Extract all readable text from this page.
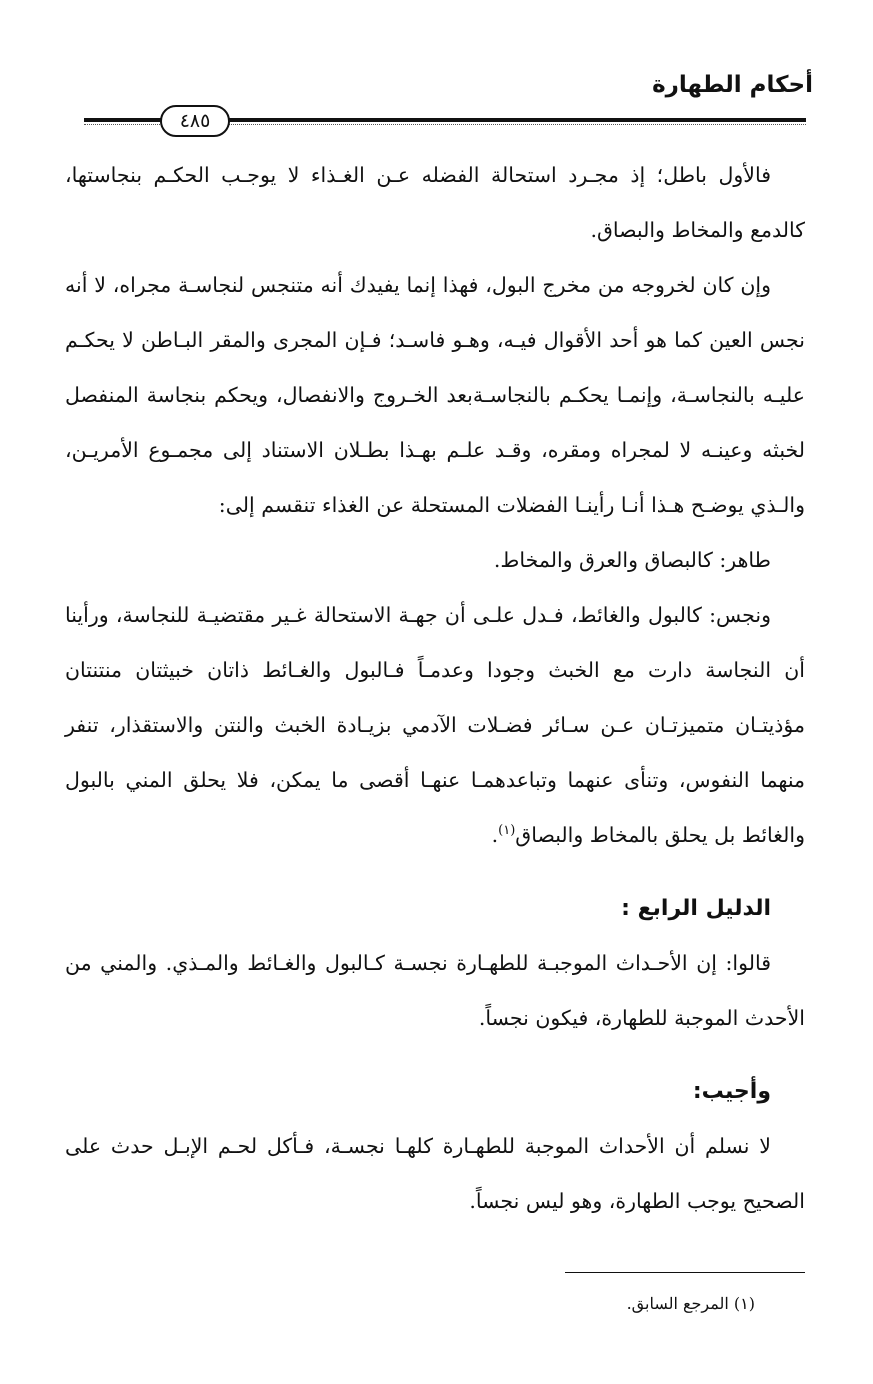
أحكام الطهارة
٤٨٥

فالأول باطل؛ إذ مجـرد استحالة الفضله عـن الغـذاء لا يوجـب الحكـم بنجاستها، كالدمع والمخاط والبصاق.

وإن كان لخروجه من مخرج البول، فهذا إنما يفيدك أنه متنجس لنجاسـة مجراه، لا أنه نجس العين كما هو أحد الأقوال فيـه، وهـو فاسـد؛ فـإن المجرى والمقر البـاطن لا يحكـم عليـه بالنجاسـة، وإنمـا يحكـم بالنجاسـةبعد الخـروج والانفصال، ويحكم بنجاسة المنفصل لخبثه وعينـه لا لمجراه ومقره، وقـد علـم بهـذا بطـلان الاستناد إلى مجمـوع الأمريـن، والـذي يوضـح هـذا أنـا رأينـا الفضلات المستحلة عن الغذاء تنقسم إلى:

طاهر: كالبصاق والعرق والمخاط.

ونجس: كالبول والغائط، فـدل علـى أن جهـة الاستحالة غـير مقتضيـة للنجاسة، ورأينا أن النجاسة دارت مع الخبث وجودا وعدمـاً فـالبول والغـائط ذاتان خبيثتان منتنتان مؤذيتـان متميزتـان عـن سـائر فضـلات الآدمي بزيـادة الخبث والنتن والاستقذار، تنفر منهما النفوس، وتنأى عنهما وتباعدهمـا عنهـا أقصى ما يمكن، فلا يحلق المني بالبول والغائط بل يحلق بالمخاط والبصاق$^{(١)}$.

الدليل الرابع :

قالوا: إن الأحـداث الموجبـة للطهـارة نجسـة كـالبول والغـائط والمـذي. والمني من الأحدث الموجبة للطهارة، فيكون نجساً.

وأجيب:

لا نسلم أن الأحداث الموجبة للطهـارة كلهـا نجسـة، فـأكل لحـم الإبـل حدث على الصحيح يوجب الطهارة، وهو ليس نجساً.

(١) المرجع السابق.
